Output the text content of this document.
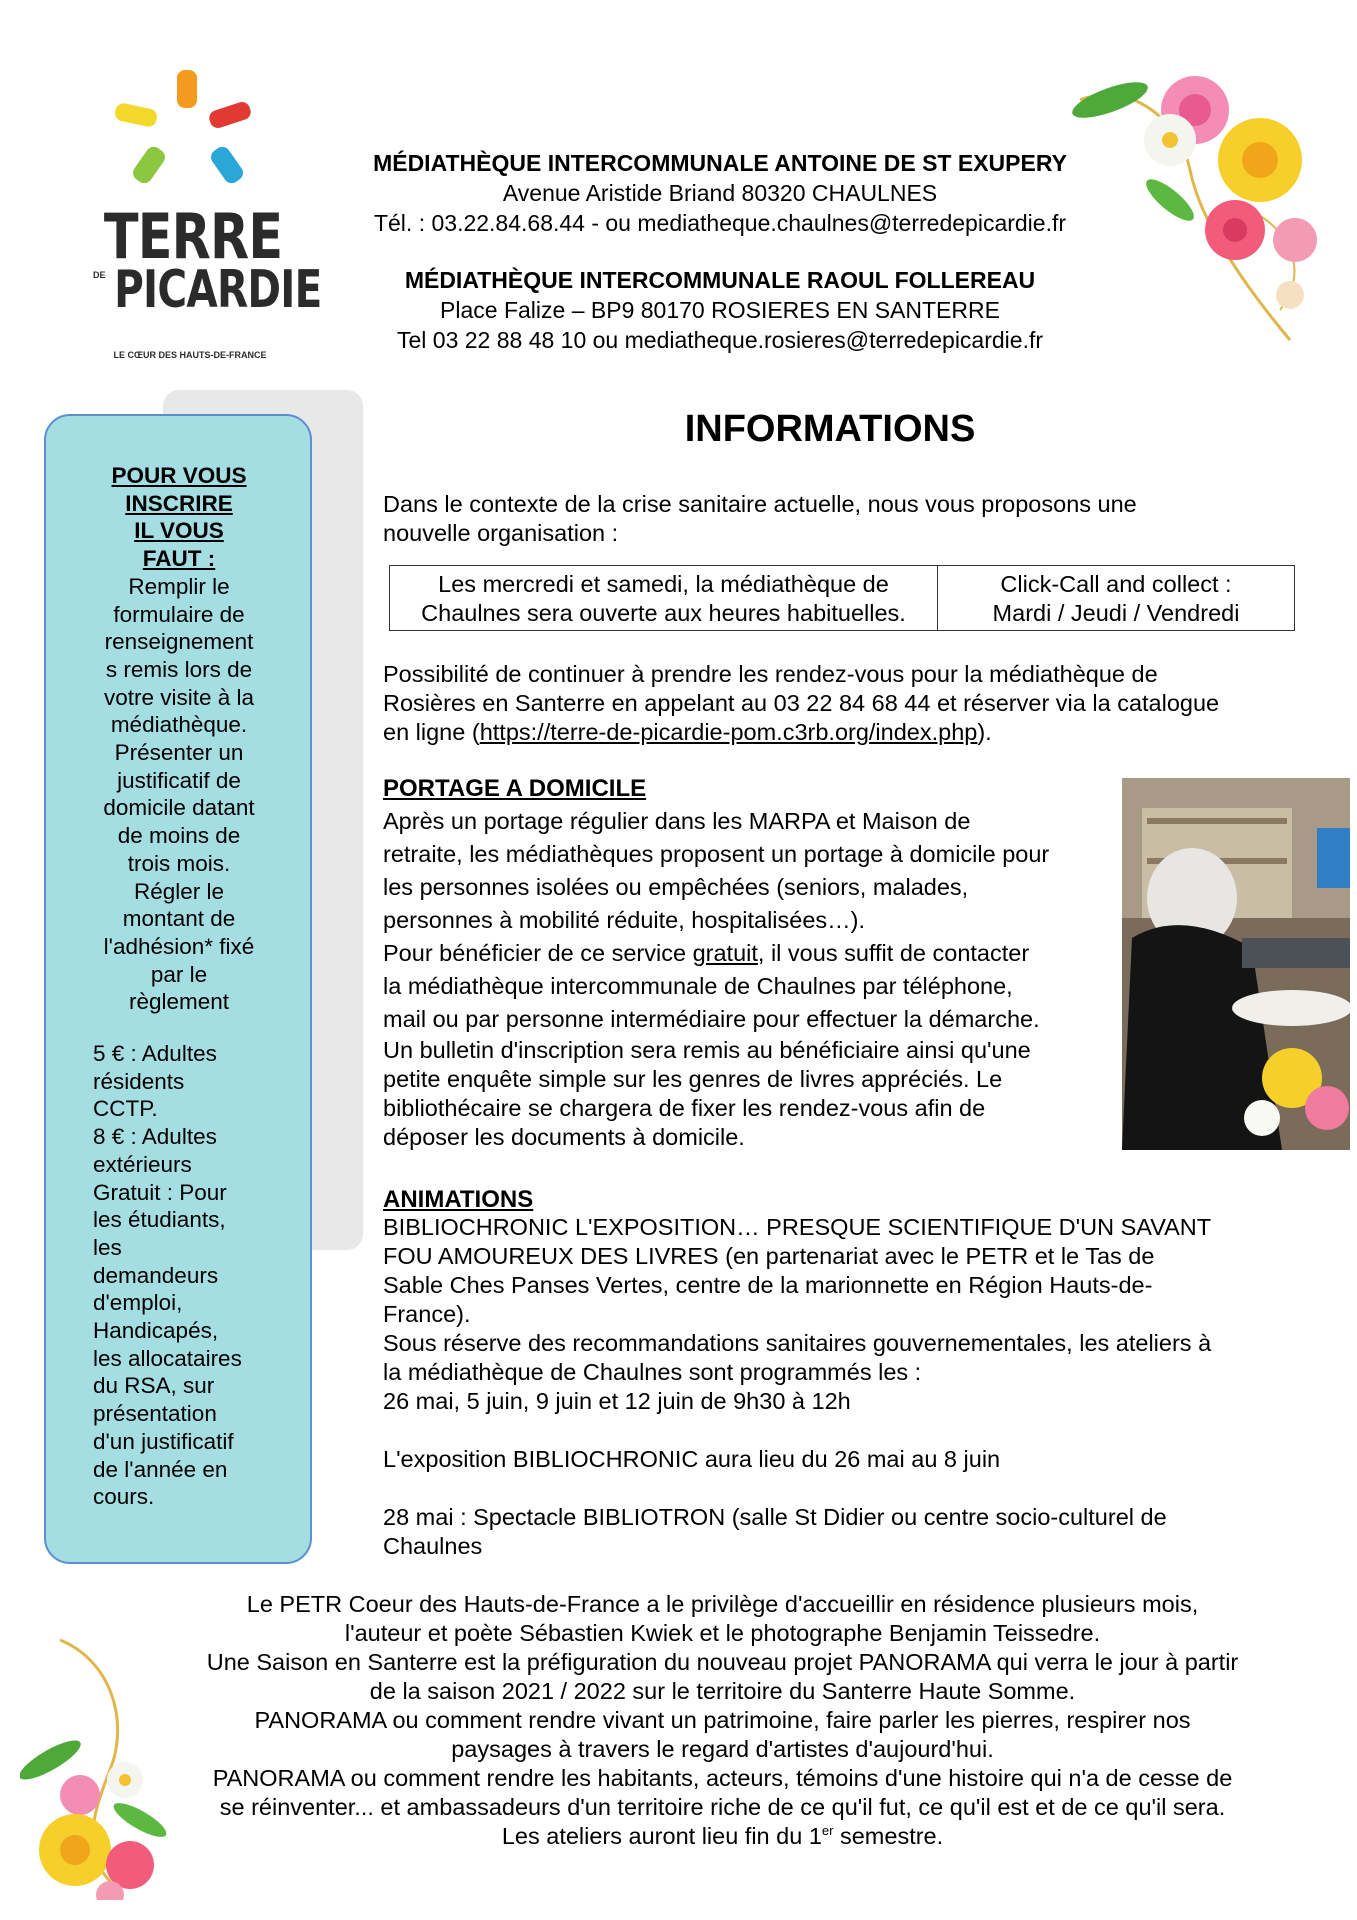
TERRE
DE PICARDIE
LE CŒUR DES HAUTS-DE-FRANCE
MÉDIATHÈQUE INTERCOMMUNALE ANTOINE DE ST EXUPERY
Avenue Aristide Briand 80320 CHAULNES
Tél. : 03.22.84.68.44 - ou mediatheque.chaulnes@terredepicardie.fr
MÉDIATHÈQUE INTERCOMMUNALE RAOUL FOLLEREAU
Place Falize – BP9 80170 ROSIERES EN SANTERRE
Tel 03 22 88 48 10 ou mediatheque.rosieres@terredepicardie.fr
POUR VOUS
INSCRIRE
IL VOUS
FAUT :
Remplir le
formulaire de
renseignement
s remis lors de
votre visite à la
médiathèque.
Présenter un
justificatif de
domicile datant
de moins de
trois mois.
Régler le
montant de
l'adhésion* fixé
par le
règlement
5 € : Adultes
résidents
CCTP.
8 € : Adultes
extérieurs
Gratuit : Pour
les étudiants,
les
demandeurs
d'emploi,
Handicapés,
les allocataires
du RSA, sur
présentation
d'un justificatif
de l'année en
cours.
INFORMATIONS
Dans le contexte de la crise sanitaire actuelle, nous vous proposons une
nouvelle organisation :
Les mercredi et samedi, la médiathèque de
Chaulnes sera ouverte aux heures habituelles.
Click-Call and collect :
Mardi / Jeudi / Vendredi
Possibilité de continuer à prendre les rendez-vous pour la médiathèque de
Rosières en Santerre en appelant au 03 22 84 68 44 et réserver via la catalogue
en ligne (https://terre-de-picardie-pom.c3rb.org/index.php).
PORTAGE A DOMICILE
Après un portage régulier dans les MARPA et Maison de
retraite, les médiathèques proposent un portage à domicile pour
les personnes isolées ou empêchées (seniors, malades,
personnes à mobilité réduite, hospitalisées…).
Pour bénéficier de ce service gratuit, il vous suffit de contacter
la médiathèque intercommunale de Chaulnes par téléphone,
mail ou par personne intermédiaire pour effectuer la démarche.
Un bulletin d'inscription sera remis au bénéficiaire ainsi qu'une
petite enquête simple sur les genres de livres appréciés. Le
bibliothécaire se chargera de fixer les rendez-vous afin de
déposer les documents à domicile.
ANIMATIONS
BIBLIOCHRONIC L'EXPOSITION… PRESQUE SCIENTIFIQUE D'UN SAVANT
FOU AMOUREUX DES LIVRES (en partenariat avec le PETR et le Tas de
Sable Ches Panses Vertes, centre de la marionnette en Région Hauts-de-
France).
Sous réserve des recommandations sanitaires gouvernementales, les ateliers à
la médiathèque de Chaulnes sont programmés les :
26 mai, 5 juin, 9 juin et 12 juin de 9h30 à 12h
L'exposition BIBLIOCHRONIC aura lieu du 26 mai au 8 juin
28 mai : Spectacle BIBLIOTRON (salle St Didier ou centre socio-culturel de
Chaulnes
Le PETR Coeur des Hauts-de-France a le privilège d'accueillir en résidence plusieurs mois,
l'auteur et poète Sébastien Kwiek et le photographe Benjamin Teissedre.
Une Saison en Santerre est la préfiguration du nouveau projet PANORAMA qui verra le jour à partir
de la saison 2021 / 2022 sur le territoire du Santerre Haute Somme.
PANORAMA ou comment rendre vivant un patrimoine, faire parler les pierres, respirer nos
paysages à travers le regard d'artistes d'aujourd'hui.
PANORAMA ou comment rendre les habitants, acteurs, témoins d'une histoire qui n'a de cesse de
se réinventer... et ambassadeurs d'un territoire riche de ce qu'il fut, ce qu'il est et de ce qu'il sera.
Les ateliers auront lieu fin du 1er semestre.
